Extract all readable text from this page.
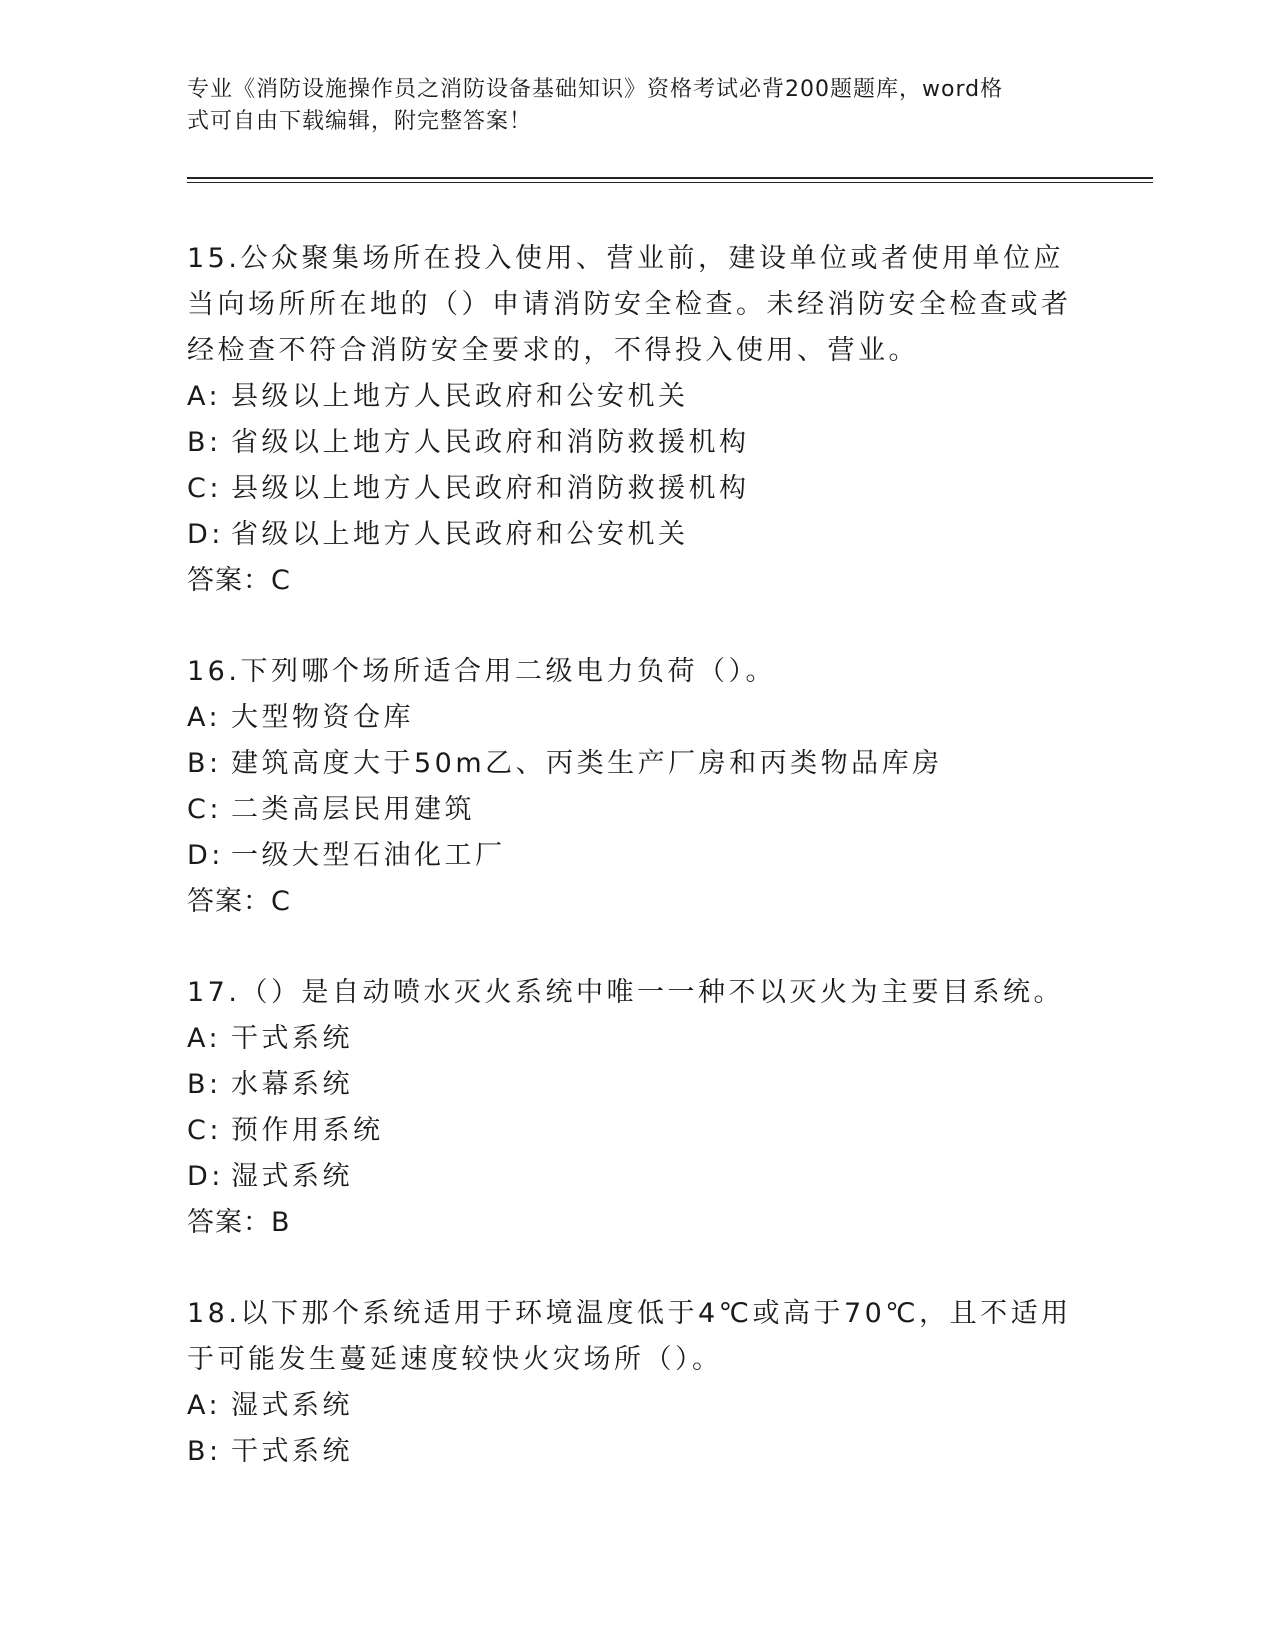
专业《消防设施操作员之消防设备基础知识》资格考试必背200题题库，word格
式可自由下载编辑，附完整答案！
15.公众聚集场所在投入使用、营业前，建设单位或者使用单位应当向场所所在地的（）申请消防安全检查。未经消防安全检查或者经检查不符合消防安全要求的，不得投入使用、营业。
A: 县级以上地方人民政府和公安机关
B: 省级以上地方人民政府和消防救援机构
C: 县级以上地方人民政府和消防救援机构
D: 省级以上地方人民政府和公安机关
答案：C
16.下列哪个场所适合用二级电力负荷（）。
A: 大型物资仓库
B: 建筑高度大于50m乙、丙类生产厂房和丙类物品库房
C: 二类高层民用建筑
D: 一级大型石油化工厂
答案：C
17.（）是自动喷水灭火系统中唯一一种不以灭火为主要目系统。
A: 干式系统
B: 水幕系统
C: 预作用系统
D: 湿式系统
答案：B
18.以下那个系统适用于环境温度低于4℃或高于70℃，且不适用于可能发生蔓延速度较快火灾场所（）。
A: 湿式系统
B: 干式系统
